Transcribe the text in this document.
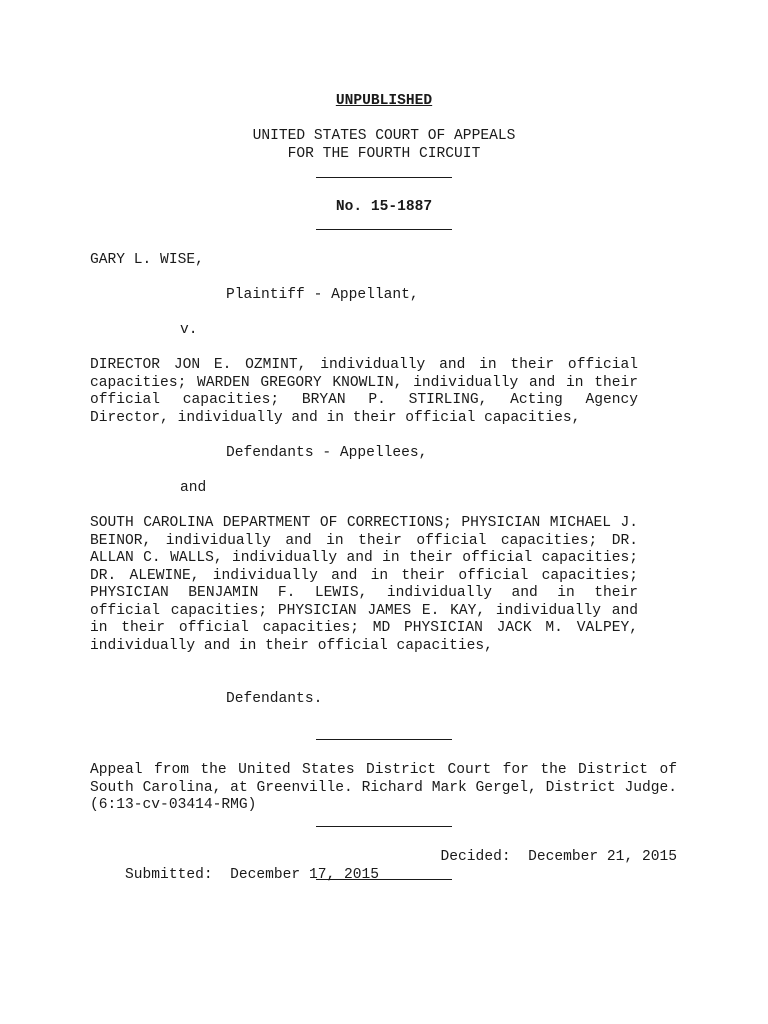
UNPUBLISHED
UNITED STATES COURT OF APPEALS
FOR THE FOURTH CIRCUIT
No. 15-1887
GARY L. WISE,
Plaintiff - Appellant,
v.
DIRECTOR JON E. OZMINT, individually and in their official capacities; WARDEN GREGORY KNOWLIN, individually and in their official capacities; BRYAN P. STIRLING, Acting Agency Director, individually and in their official capacities,
Defendants - Appellees,
and
SOUTH CAROLINA DEPARTMENT OF CORRECTIONS; PHYSICIAN MICHAEL J. BEINOR, individually and in their official capacities; DR. ALLAN C. WALLS, individually and in their official capacities; DR. ALEWINE, individually and in their official capacities; PHYSICIAN BENJAMIN F. LEWIS, individually and in their official capacities; PHYSICIAN JAMES E. KAY, individually and in their official capacities; MD PHYSICIAN JACK M. VALPEY, individually and in their official capacities,
Defendants.
Appeal from the United States District Court for the District of South Carolina, at Greenville. Richard Mark Gergel, District Judge. (6:13-cv-03414-RMG)

Submitted:  December 17, 2015

Decided:  December 21, 2015
